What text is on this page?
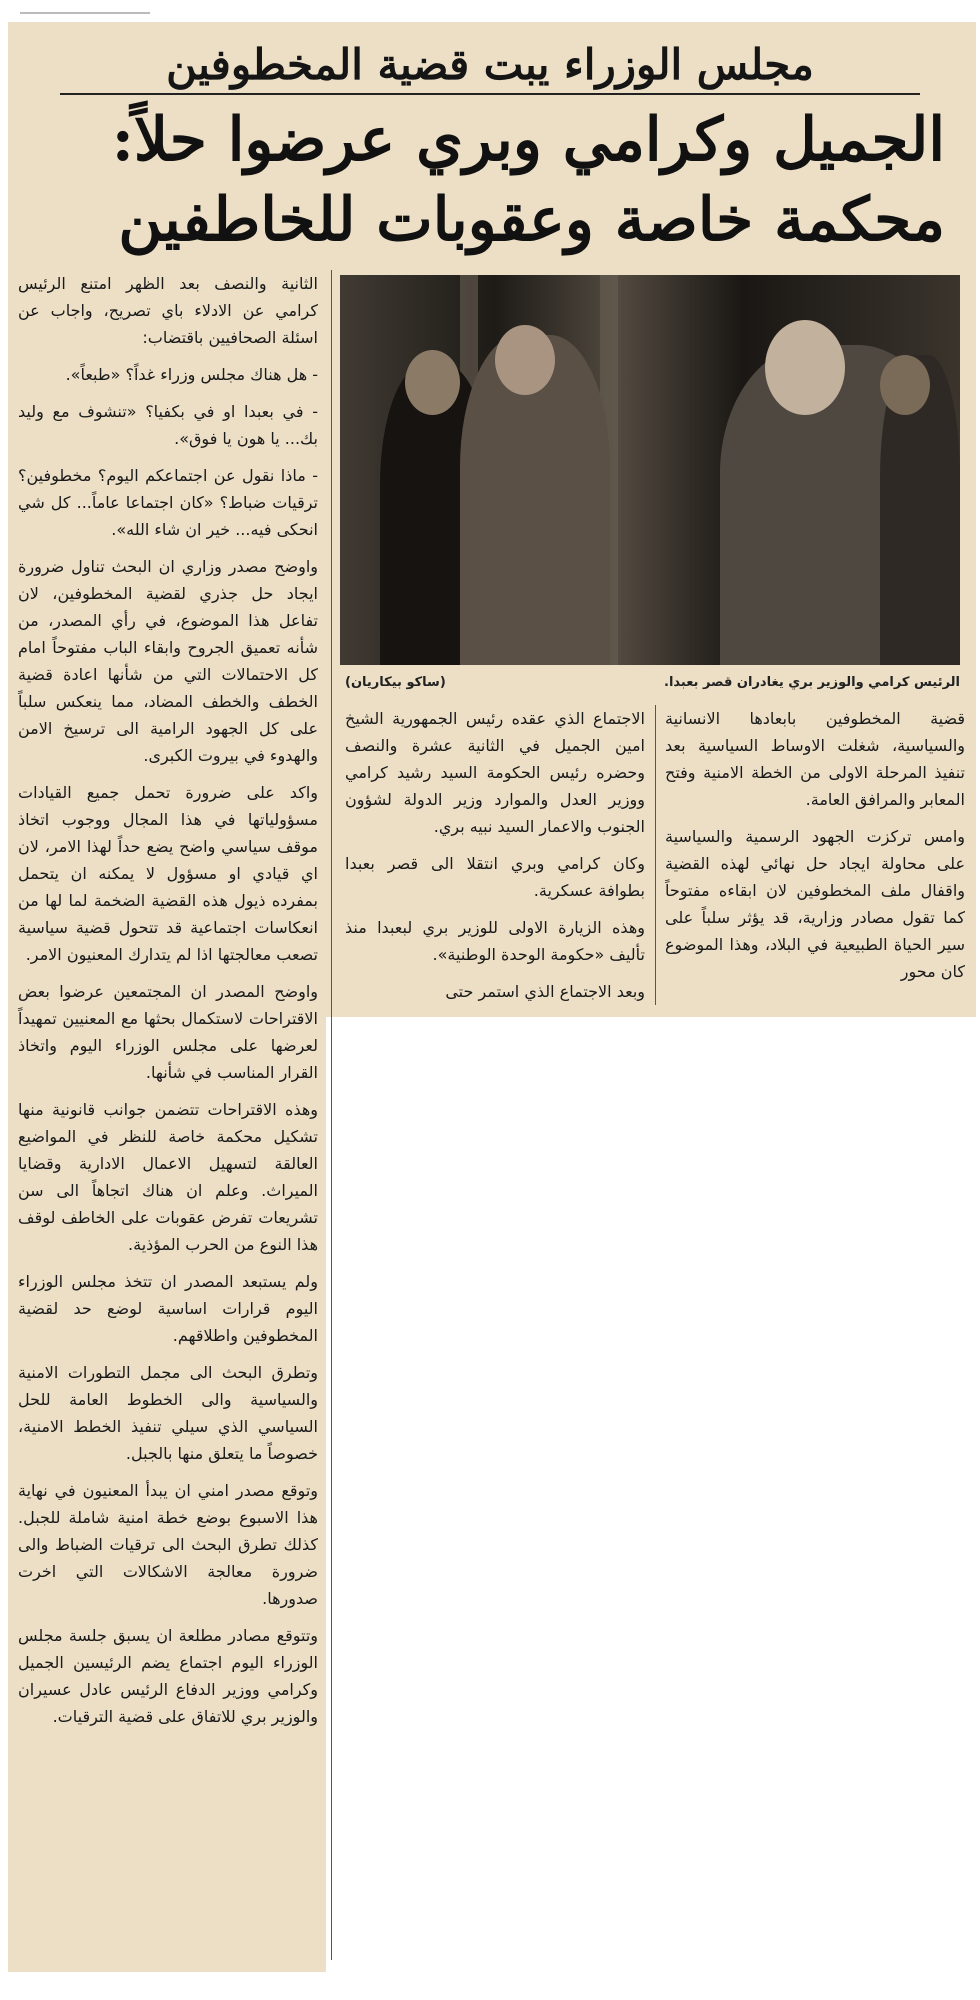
مجلس الوزراء يبت قضية المخطوفين
الجميل وكرامي وبري عرضوا حلاً:
محكمة خاصة وعقوبات للخاطفين
الرئيس كرامي والوزير بري يغادران قصر بعبدا.
(ساكو بيكاريان)

الثانية والنصف بعد الظهر امتنع الرئيس كرامي عن الادلاء باي تصريح، واجاب عن اسئلة الصحافيين باقتضاب:

- هل هناك مجلس وزراء غداً؟ «طبعاً».

- في بعبدا او في بكفيا؟ «تنشوف مع وليد بك... يا هون يا فوق».

- ماذا نقول عن اجتماعكم اليوم؟ مخطوفين؟ ترقيات ضباط؟ «كان اجتماعا عاماً... كل شي انحكى فيه... خير ان شاء الله».

واوضح مصدر وزاري ان البحث تناول ضرورة ايجاد حل جذري لقضية المخطوفين، لان تفاعل هذا الموضوع، في رأي المصدر، من شأنه تعميق الجروح وابقاء الباب مفتوحاً امام كل الاحتمالات التي من شأنها اعادة قضية الخطف والخطف المضاد، مما ينعكس سلباً على كل الجهود الرامية الى ترسيخ الامن والهدوء في بيروت الكبرى.

واكد على ضرورة تحمل جميع القيادات مسؤولياتها في هذا المجال ووجوب اتخاذ موقف سياسي واضح يضع حداً لهذا الامر، لان اي قيادي او مسؤول لا يمكنه ان يتحمل بمفرده ذيول هذه القضية الضخمة لما لها من انعكاسات اجتماعية قد تتحول قضية سياسية تصعب معالجتها اذا لم يتدارك المعنيون الامر.

واوضح المصدر ان المجتمعين عرضوا بعض الاقتراحات لاستكمال بحثها مع المعنيين تمهيداً لعرضها على مجلس الوزراء اليوم واتخاذ القرار المناسب في شأنها.

وهذه الاقتراحات تتضمن جوانب قانونية منها تشكيل محكمة خاصة للنظر في المواضيع العالقة لتسهيل الاعمال الادارية وقضايا الميراث. وعلم ان هناك اتجاهاً الى سن تشريعات تفرض عقوبات على الخاطف لوقف هذا النوع من الحرب المؤذية.

ولم يستبعد المصدر ان تتخذ مجلس الوزراء اليوم قرارات اساسية لوضع حد لقضية المخطوفين واطلاقهم.

وتطرق البحث الى مجمل التطورات الامنية والسياسية والى الخطوط العامة للحل السياسي الذي سيلي تنفيذ الخطط الامنية، خصوصاً ما يتعلق منها بالجبل.

وتوقع مصدر امني ان يبدأ المعنيون في نهاية هذا الاسبوع بوضع خطة امنية شاملة للجبل. كذلك تطرق البحث الى ترقيات الضباط والى ضرورة معالجة الاشكالات التي اخرت صدورها.

وتتوقع مصادر مطلعة ان يسبق جلسة مجلس الوزراء اليوم اجتماع يضم الرئيسين الجميل وكرامي ووزير الدفاع الرئيس عادل عسيران والوزير بري للاتفاق على قضية الترقيات.

الاجتماع الذي عقده رئيس الجمهورية الشيخ امين الجميل في الثانية عشرة والنصف وحضره رئيس الحكومة السيد رشيد كرامي ووزير العدل والموارد وزير الدولة لشؤون الجنوب والاعمار السيد نبيه بري.

وكان كرامي وبري انتقلا الى قصر بعبدا بطوافة عسكرية.

وهذه الزيارة الاولى للوزير بري لبعبدا منذ تأليف «حكومة الوحدة الوطنية».

وبعد الاجتماع الذي استمر حتى

قضية المخطوفين بابعادها الانسانية والسياسية، شغلت الاوساط السياسية بعد تنفيذ المرحلة الاولى من الخطة الامنية وفتح المعابر والمرافق العامة.

وامس تركزت الجهود الرسمية والسياسية على محاولة ايجاد حل نهائي لهذه القضية واقفال ملف المخطوفين لان ابقاءه مفتوحاً كما تقول مصادر وزارية، قد يؤثر سلباً على سير الحياة الطبيعية في البلاد، وهذا الموضوع كان محور
